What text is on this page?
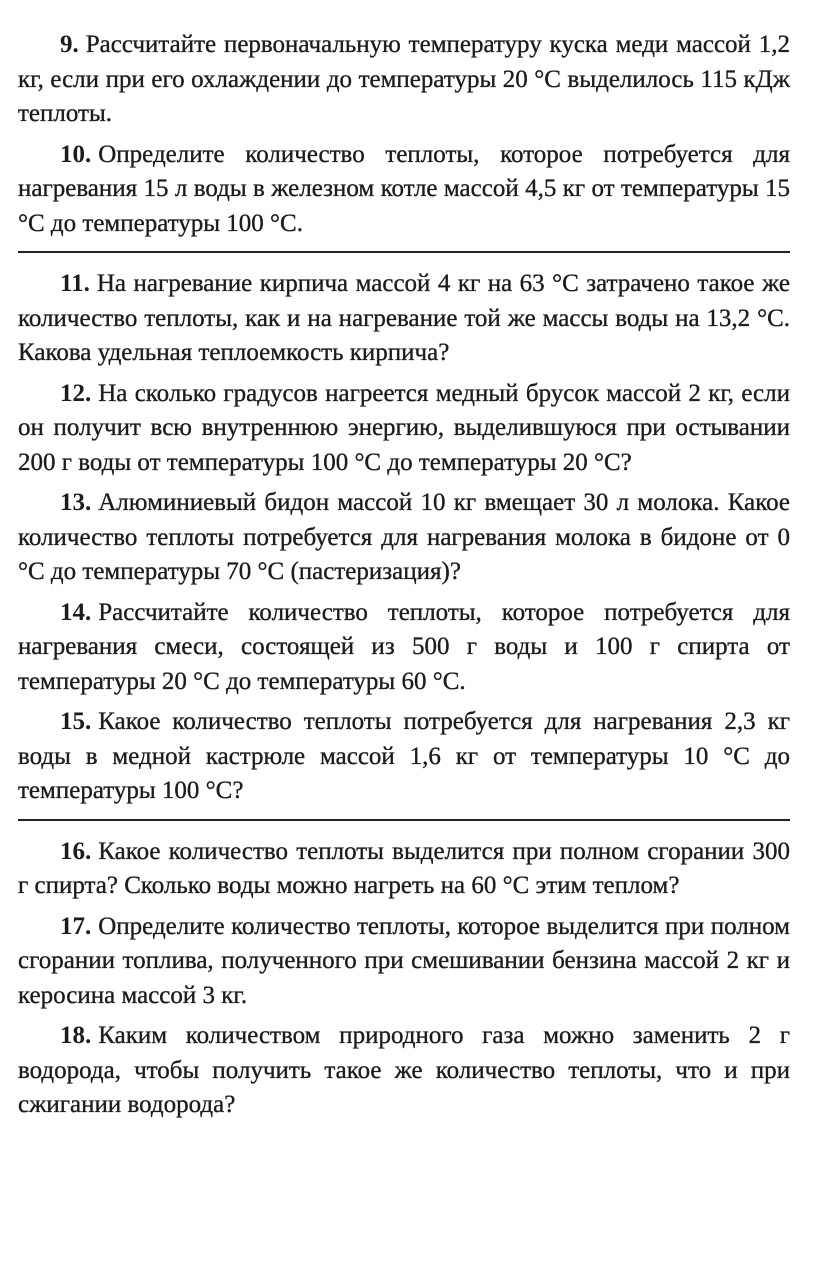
9. Рассчитайте первоначальную температуру куска меди массой 1,2 кг, если при его охлаждении до температуры 20 °С выделилось 115 кДж теплоты.

10. Определите количество теплоты, которое потребуется для нагревания 15 л воды в железном котле массой 4,5 кг от температуры 15 °С до температуры 100 °С.

11. На нагревание кирпича массой 4 кг на 63 °С затрачено такое же количество теплоты, как и на нагревание той же массы воды на 13,2 °С. Какова удельная теплоемкость кирпича?

12. На сколько градусов нагреется медный брусок массой 2 кг, если он получит всю внутреннюю энергию, выделившуюся при остывании 200 г воды от температуры 100 °С до температуры 20 °С?

13. Алюминиевый бидон массой 10 кг вмещает 30 л молока. Какое количество теплоты потребуется для нагревания молока в бидоне от 0 °С до температуры 70 °С (пастеризация)?

14. Рассчитайте количество теплоты, которое потребуется для нагревания смеси, состоящей из 500 г воды и 100 г спирта от температуры 20 °С до температуры 60 °С.

15. Какое количество теплоты потребуется для нагревания 2,3 кг воды в медной кастрюле массой 1,6 кг от температуры 10 °С до температуры 100 °С?

16. Какое количество теплоты выделится при полном сгорании 300 г спирта? Сколько воды можно нагреть на 60 °С этим теплом?

17. Определите количество теплоты, которое выделится при полном сгорании топлива, полученного при смешивании бензина массой 2 кг и керосина массой 3 кг.

18. Каким количеством природного газа можно заменить 2 г водорода, чтобы получить такое же количество теплоты, что и при сжигании водорода?
